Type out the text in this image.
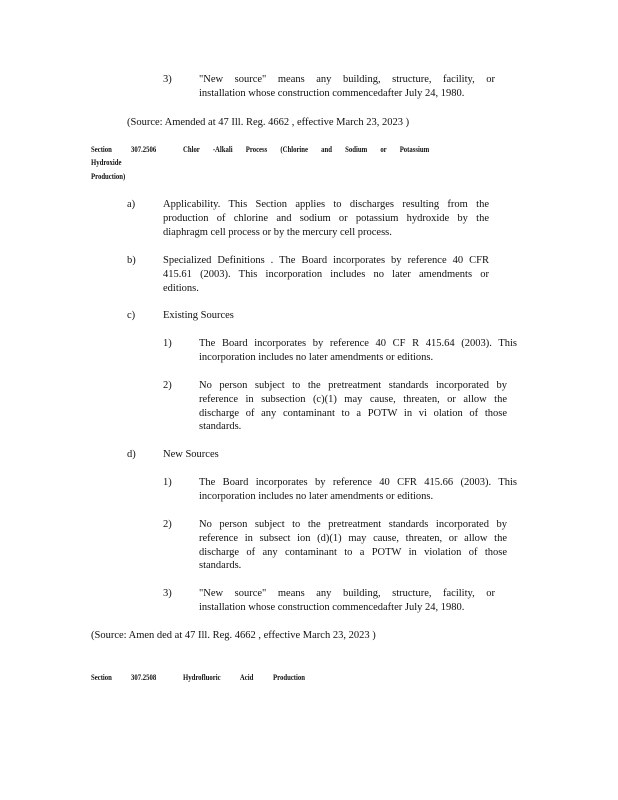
3)	"New source" means any building, structure, facility, or
installation whose construction commencedafter July 24, 1980.
(Source: Amended at 47 Ill. Reg. 4662 , effective March 23, 2023 )
Section 307.2506	Chlor -Alkali Process (Chlorine and Sodium or Potassium
Hydroxide
Production)
a)	Applicability. This Section applies to discharges resulting from the
production of chlorine and sodium or potassium hydroxide by the
diaphragm cell process or by the mercury cell process.
b)	Specialized Definitions . The Board incorporates by reference 40 CFR
415.61 (2003). This incorporation includes no later amendments or
editions.
c)	Existing Sources
1)	The Board incorporates by reference 40 CF R 415.64 (2003). This
incorporation includes no later amendments or editions.
2)	No person subject to the pretreatment standards incorporated by
reference in subsection (c)(1) may cause, threaten, or allow the
discharge of any contaminant to a POTW in vi olation of those
standards.
d)	New Sources
1)	The Board incorporates by reference 40 CFR 415.66 (2003). This
incorporation includes no later amendments or editions.
2)	No person subject to the pretreatment standards incorporated by
reference in subsect ion (d)(1) may cause, threaten, or allow the
discharge of any contaminant to a POTW in violation of those
standards.
3)	"New source" means any building, structure, facility, or
installation whose construction commencedafter July 24, 1980.
(Source: Amen ded at 47 Ill. Reg. 4662 , effective March 23, 2023 )
Section 307.2508	Hydrofluoric Acid Production
